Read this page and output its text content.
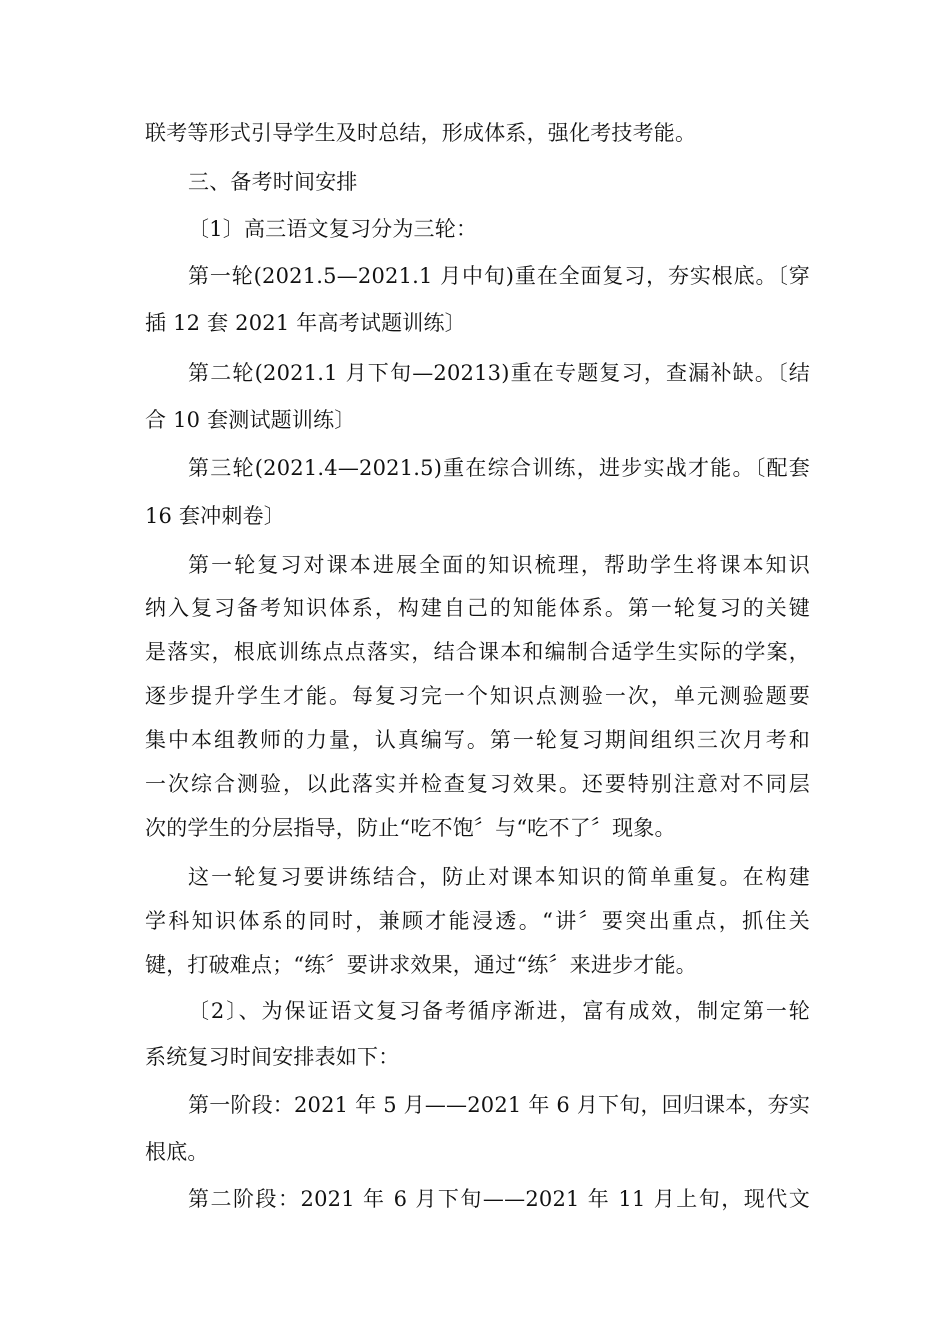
联考等形式引导学生及时总结，形成体系，强化考技考能。
三、备考时间安排
〔1〕高三语文复习分为三轮：
第一轮(2021.5—2021.1 月中旬)重在全面复习，夯实根底。〔穿
插 12 套 2021 年高考试题训练〕
第二轮(2021.1 月下旬—20213)重在专题复习，查漏补缺。〔结
合 10 套测试题训练〕
第三轮(2021.4—2021.5)重在综合训练，进步实战才能。〔配套
16 套冲刺卷〕
第一轮复习对课本进展全面的知识梳理，帮助学生将课本知识
纳入复习备考知识体系，构建自己的知能体系。第一轮复习的关键
是落实，根底训练点点落实，结合课本和编制合适学生实际的学案，
逐步提升学生才能。每复习完一个知识点测验一次，单元测验题要
集中本组教师的力量，认真编写。第一轮复习期间组织三次月考和
一次综合测验，以此落实并检查复习效果。还要特别注意对不同层
次的学生的分层指导，防止“吃不饱〞与“吃不了〞现象。
这一轮复习要讲练结合，防止对课本知识的简单重复。在构建
学科知识体系的同时，兼顾才能浸透。“讲〞要突出重点，抓住关
键，打破难点；“练〞要讲求效果，通过“练〞来进步才能。
〔2〕、为保证语文复习备考循序渐进，富有成效，制定第一轮
系统复习时间安排表如下：
第一阶段：2021 年 5 月——2021 年 6 月下旬，回归课本，夯实
根底。
第二阶段：2021 年 6 月下旬——2021 年 11 月上旬，现代文
